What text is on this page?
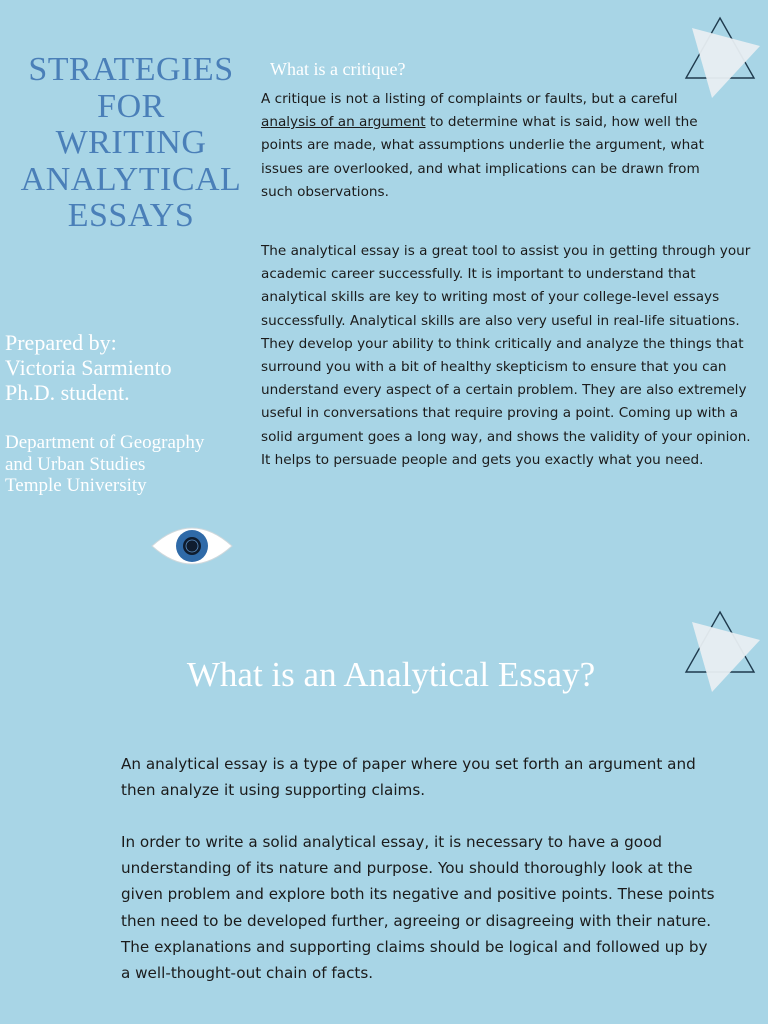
STRATEGIES
FOR
WRITING
ANALYTICAL
ESSAYS
Prepared by:
Victoria Sarmiento
Ph.D. student.
Department of Geography
and Urban Studies
Temple University
What is a critique?
A critique is not a listing of complaints or faults, but a careful analysis of an argument to determine what is said, how well the points are made, what assumptions underlie the argument, what issues are overlooked, and what implications can be drawn from such observations.
The analytical essay is a great tool to assist you in getting through your academic career successfully. It is important to understand that analytical skills are key to writing most of your college-level essays successfully. Analytical skills are also very useful in real-life situations. They develop your ability to think critically and analyze the things that surround you with a bit of healthy skepticism to ensure that you can understand every aspect of a certain problem. They are also extremely useful in conversations that require proving a point. Coming up with a solid argument goes a long way, and shows the validity of your opinion. It helps to persuade people and gets you exactly what you need.
What is an Analytical Essay?
An analytical essay is a type of paper where you set forth an argument and then analyze it using supporting claims.
In order to write a solid analytical essay, it is necessary to have a good understanding of its nature and purpose. You should thoroughly look at the given problem and explore both its negative and positive points. These points then need to be developed further, agreeing or disagreeing with their nature. The explanations and supporting claims should be logical and followed up by a well-thought-out chain of facts.
